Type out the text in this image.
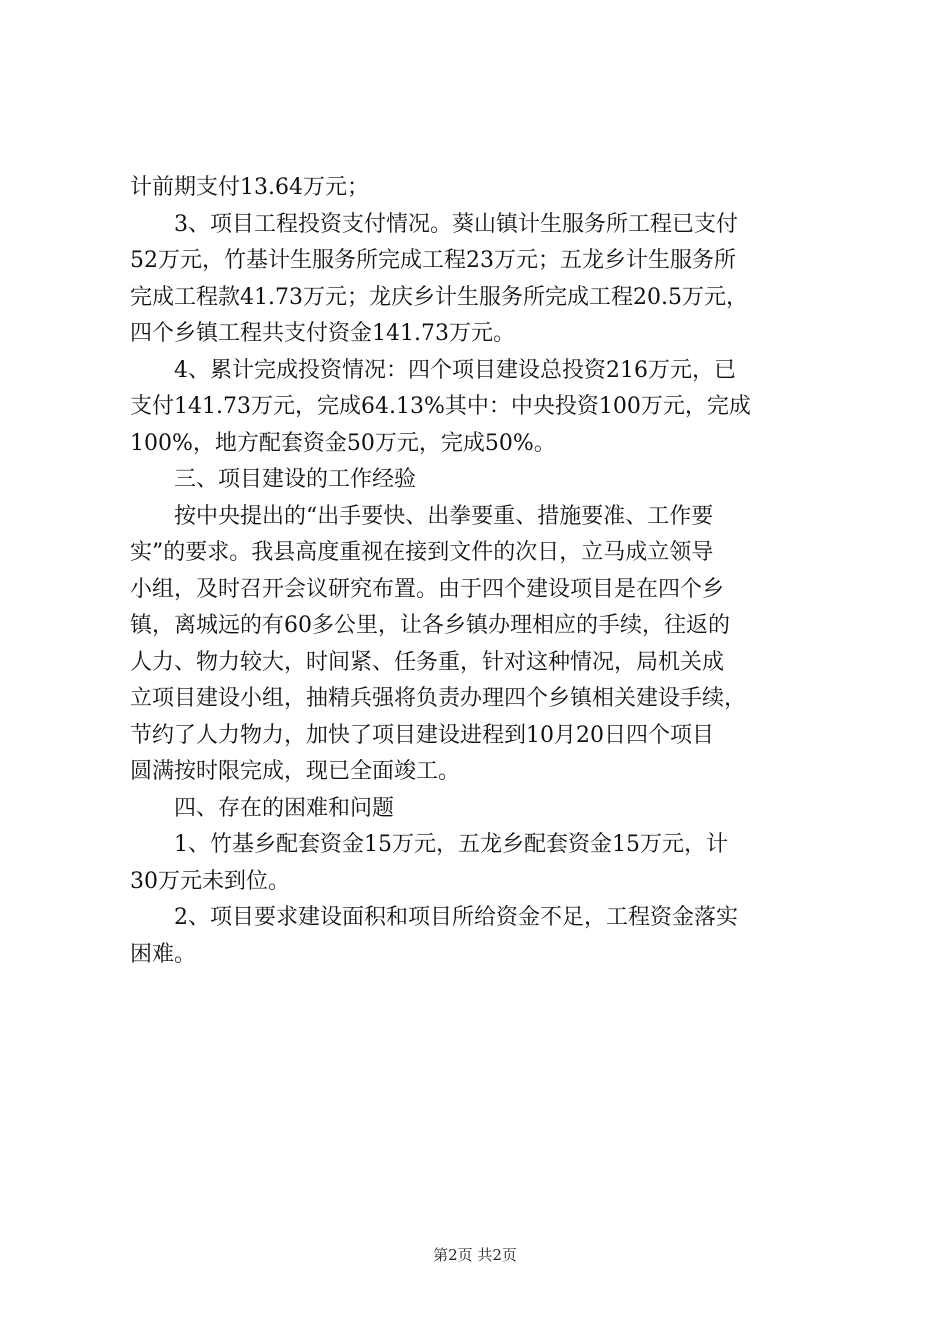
计前期支付13.64万元；
3、项目工程投资支付情况。葵山镇计生服务所工程已支付
52万元，竹基计生服务所完成工程23万元；五龙乡计生服务所
完成工程款41.73万元；龙庆乡计生服务所完成工程20.5万元，
四个乡镇工程共支付资金141.73万元。
4、累计完成投资情况：四个项目建设总投资216万元，已
支付141.73万元，完成64.13%其中：中央投资100万元，完成
100%，地方配套资金50万元，完成50%。
三、项目建设的工作经验
按中央提出的“出手要快、出拳要重、措施要准、工作要
实”的要求。我县高度重视在接到文件的次日，立马成立领导
小组，及时召开会议研究布置。由于四个建设项目是在四个乡
镇，离城远的有60多公里，让各乡镇办理相应的手续，往返的
人力、物力较大，时间紧、任务重，针对这种情况，局机关成
立项目建设小组，抽精兵强将负责办理四个乡镇相关建设手续，
节约了人力物力，加快了项目建设进程到10月20日四个项目
圆满按时限完成，现已全面竣工。
四、存在的困难和问题
1、竹基乡配套资金15万元，五龙乡配套资金15万元，计
30万元未到位。
2、项目要求建设面积和项目所给资金不足，工程资金落实
困难。
第2页 共2页
